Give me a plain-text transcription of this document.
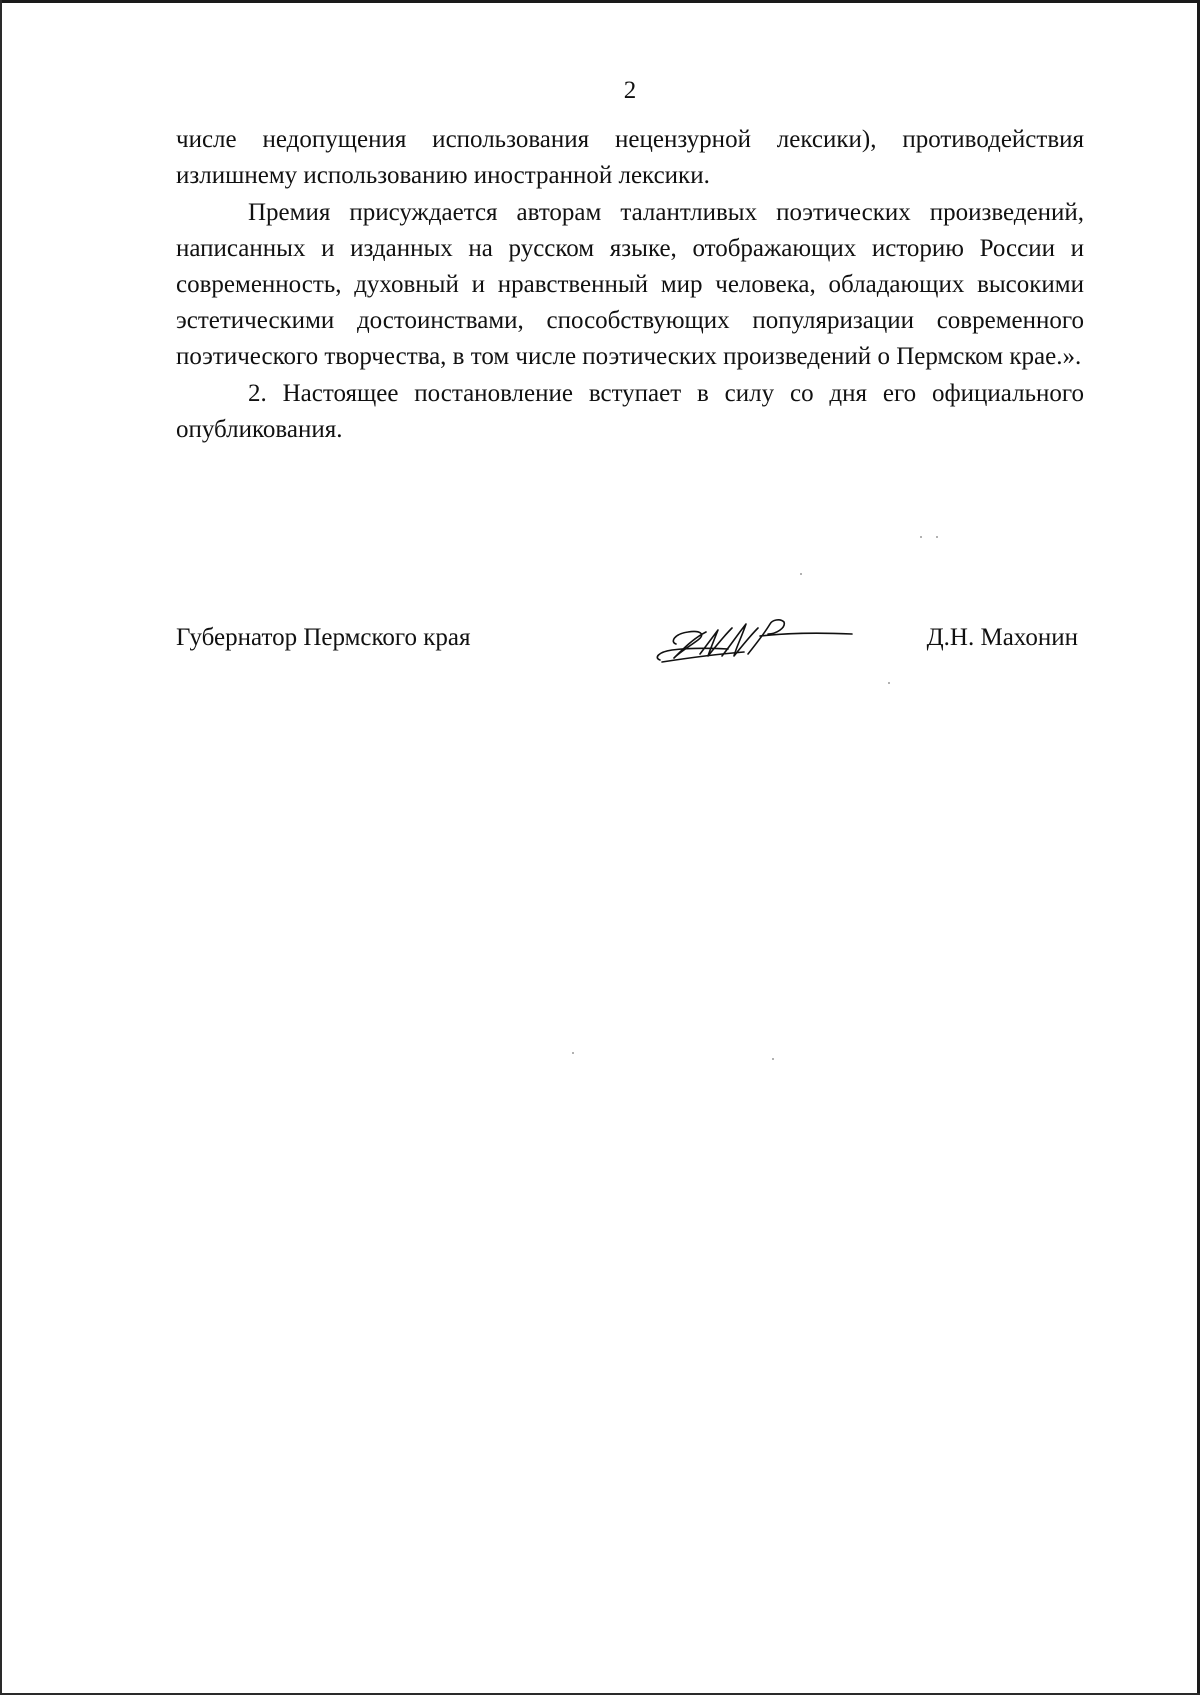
2

числе недопущения использования нецензурной лексики), противодействия излишнему использованию иностранной лексики.

Премия присуждается авторам талантливых поэтических произведений, написанных и изданных на русском языке, отображающих историю России и современность, духовный и нравственный мир человека, обладающих высокими эстетическими достоинствами, способствующих популяризации современного поэтического творчества, в том числе поэтических произведений о Пермском крае.».

2. Настоящее постановление вступает в силу со дня его официального опубликования.

Губернатор Пермского края	Д.Н. Махонин
